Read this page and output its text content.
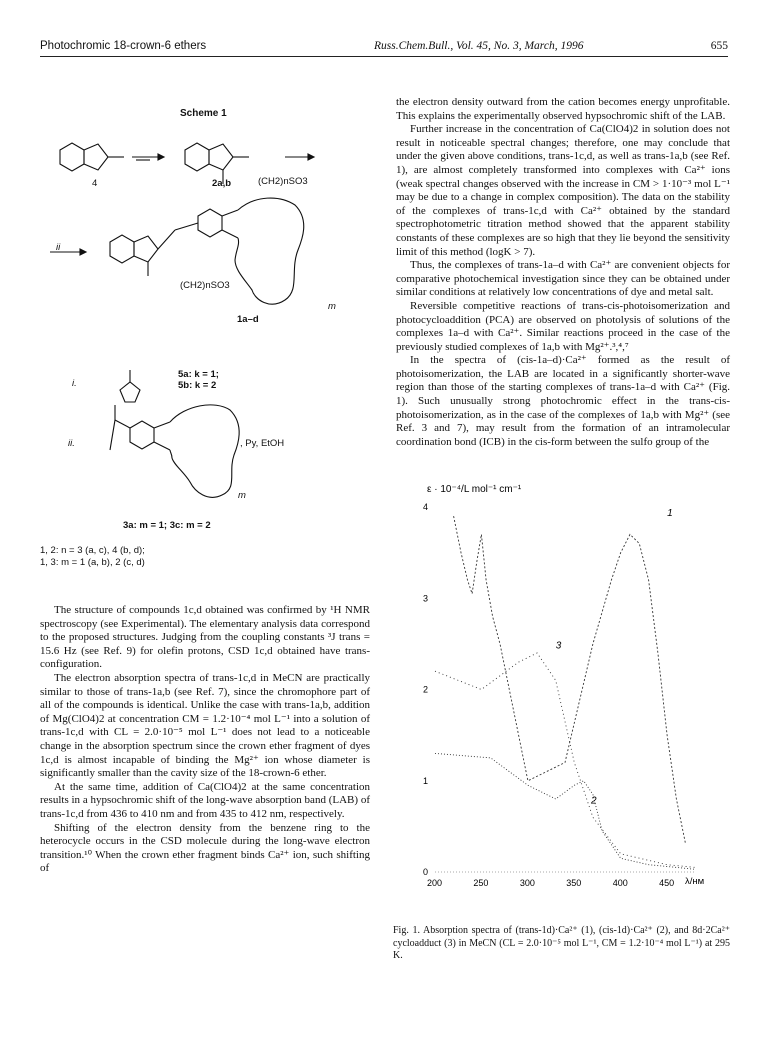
Photochromic 18-crown-6 ethers	Russ.Chem.Bull., Vol. 45, No. 3, March, 1996	655
Scheme 1
4	2a,b	(CH2)nSO3
(CH2)nSO3
1a–d
m
ii
i.
5a: k = 1;
5b: k = 2
ii.	, Py, EtOH
m
3a: m = 1; 3c: m = 2
1, 2: n = 3 (a, c), 4 (b, d);
1, 3: m = 1 (a, b), 2 (c, d)

The structure of compounds 1c,d obtained was confirmed by ¹H NMR spectroscopy (see Experimental). The elementary analysis data correspond to the proposed structures. Judging from the coupling constants ³J trans = 15.6 Hz (see Ref. 9) for olefin protons, CSD 1c,d obtained have trans-configuration.

The electron absorption spectra of trans-1c,d in MeCN are practically similar to those of trans-1a,b (see Ref. 7), since the chromophore part of all of the compounds is identical. Unlike the case with trans-1a,b, addition of Mg(ClO4)2 at concentration CM = 1.2·10⁻⁴ mol L⁻¹ into a solution of trans-1c,d with CL = 2.0·10⁻⁵ mol L⁻¹ does not lead to a noticeable change in the absorption spectrum since the crown ether fragment of dyes 1c,d is almost incapable of binding the Mg²⁺ ion whose diameter is significantly smaller than the cavity size of the 18-crown-6 ether.

At the same time, addition of Ca(ClO4)2 at the same concentration results in a hypsochromic shift of the long-wave absorption band (LAB) of trans-1c,d from 436 to 410 nm and from 435 to 412 nm, respectively.

Shifting of the electron density from the benzene ring to the heterocycle occurs in the CSD molecule during the long-wave electron transition.¹⁰ When the crown ether fragment binds Ca²⁺ ion, such shifting of

the electron density outward from the cation becomes energy unprofitable. This explains the experimentally observed hypsochromic shift of the LAB.

Further increase in the concentration of Ca(ClO4)2 in solution does not result in noticeable spectral changes; therefore, one may conclude that under the given above conditions, trans-1c,d, as well as trans-1a,b (see Ref. 1), are almost completely transformed into complexes with Ca²⁺ ions (weak spectral changes observed with the increase in CM > 1·10⁻³ mol L⁻¹ may be due to a change in complex composition). The data on the stability of the complexes of trans-1c,d with Ca²⁺ obtained by the standard spectrophotometric titration method showed that the apparent stability constants of these complexes are so high that they lie beyond the sensitivity limit of this method (logK > 7).

Thus, the complexes of trans-1a–d with Ca²⁺ are convenient objects for comparative photochemical investigation since they can be obtained under similar conditions at relatively low concentrations of dye and metal salt.

Reversible competitive reactions of trans-cis-photoisomerization and photocycloaddition (PCA) are observed on photolysis of solutions of the complexes 1a–d with Ca²⁺. Similar reactions proceed in the case of the previously studied complexes of 1a,b with Mg²⁺.³,⁴,⁷

In the spectra of (cis-1a–d)·Ca²⁺ formed as the result of photoisomerization, the LAB are located in a significantly shorter-wave region than those of the starting complexes of trans-1a–d with Ca²⁺ (Fig. 1). Such unusually strong photochromic effect in the trans-cis-photoisomerization, as in the case of the complexes of 1a,b with Mg²⁺ (see Ref. 3 and 7), may result from the formation of an intramolecular coordination bond (ICB) in the cis-form between the sulfo group of the

ε · 10⁻⁴/L mol⁻¹ cm⁻¹
λ/нм
0
1
2
3
4
200	250	300	350	400	450
1
2
3
Fig. 1. Absorption spectra of (trans-1d)·Ca²⁺ (1), (cis-1d)·Ca²⁺ (2), and 8d·2Ca²⁺ cycloadduct (3) in MeCN (CL = 2.0·10⁻⁵ mol L⁻¹, CM = 1.2·10⁻⁴ mol L⁻¹) at 295 K.
